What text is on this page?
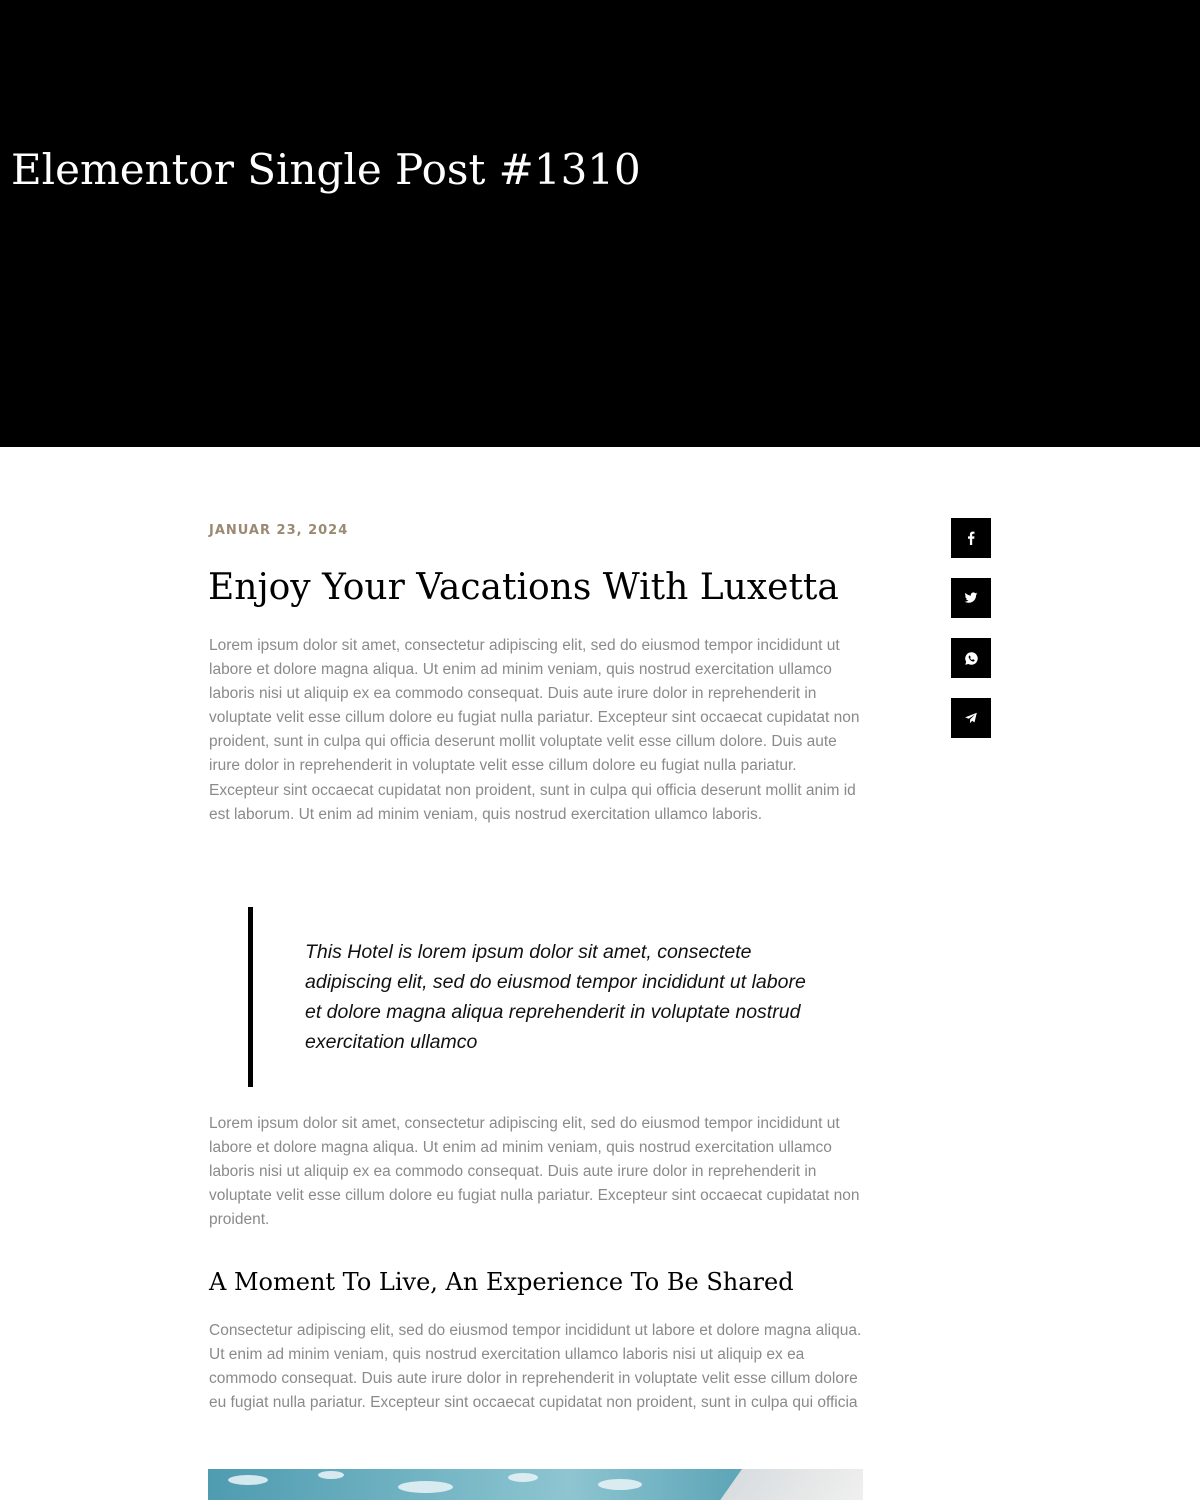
Elementor Single Post #1310
JANUAR 23, 2024
Enjoy Your Vacations With Luxetta

Lorem ipsum dolor sit amet, consectetur adipiscing elit, sed do eiusmod tempor incididunt ut labore et dolore magna aliqua. Ut enim ad minim veniam, quis nostrud exercitation ullamco laboris nisi ut aliquip ex ea commodo consequat. Duis aute irure dolor in reprehenderit in voluptate velit esse cillum dolore eu fugiat nulla pariatur. Excepteur sint occaecat cupidatat non proident, sunt in culpa qui officia deserunt mollit voluptate velit esse cillum dolore. Duis aute irure dolor in reprehenderit in voluptate velit esse cillum dolore eu fugiat nulla pariatur. Excepteur sint occaecat cupidatat non proident, sunt in culpa qui officia deserunt mollit anim id est laborum. Ut enim ad minim veniam, quis nostrud exercitation ullamco laboris.

This Hotel is lorem ipsum dolor sit amet, consectete adipiscing elit, sed do eiusmod tempor incididunt ut labore et dolore magna aliqua reprehenderit in voluptate nostrud exercitation ullamco

Lorem ipsum dolor sit amet, consectetur adipiscing elit, sed do eiusmod tempor incididunt ut labore et dolore magna aliqua. Ut enim ad minim veniam, quis nostrud exercitation ullamco laboris nisi ut aliquip ex ea commodo consequat. Duis aute irure dolor in reprehenderit in voluptate velit esse cillum dolore eu fugiat nulla pariatur. Excepteur sint occaecat cupidatat non proident.

A Moment To Live, An Experience To Be Shared

Consectetur adipiscing elit, sed do eiusmod tempor incididunt ut labore et dolore magna aliqua. Ut enim ad minim veniam, quis nostrud exercitation ullamco laboris nisi ut aliquip ex ea commodo consequat. Duis aute irure dolor in reprehenderit in voluptate velit esse cillum dolore eu fugiat nulla pariatur. Excepteur sint occaecat cupidatat non proident, sunt in culpa qui officia
